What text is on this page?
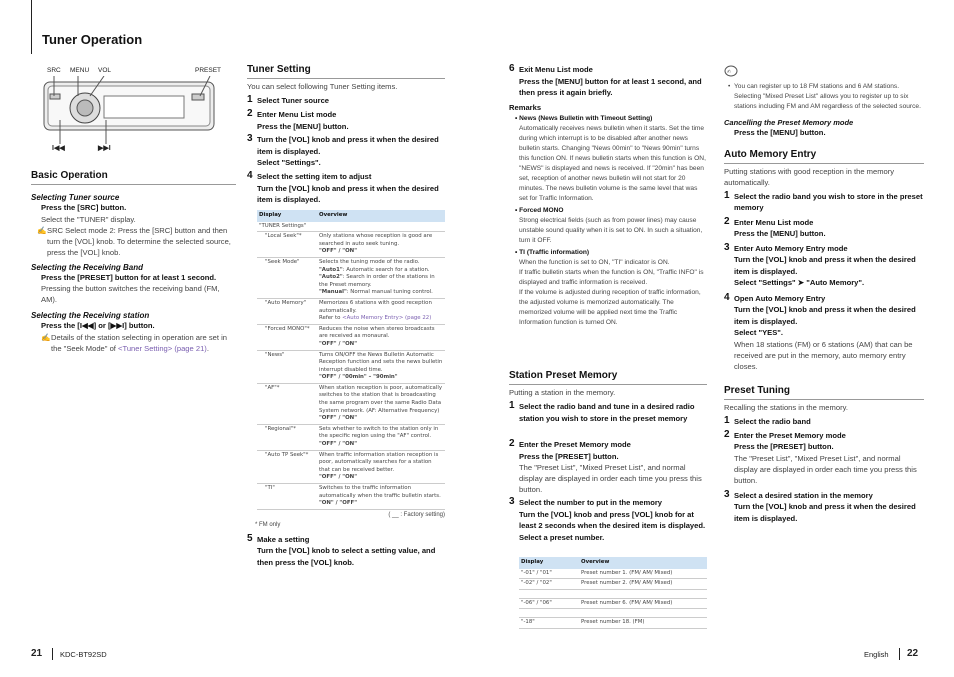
Tuner Operation
SRC MENU VOL	PRESET
I◀◀	▶▶I
Basic Operation
Selecting Tuner source
Press the [SRC] button.
Select the "TUNER" display.
✍ SRC Select mode 2: Press the [SRC] button and then turn the [VOL] knob. To determine the selected source, press the [VOL] knob.
Selecting the Receiving Band
Press the [PRESET] button for at least 1 second.
Pressing the button switches the receiving band (FM, AM).
Selecting the Receiving station
Press the [I◀◀] or [▶▶I] button.
✍ Details of the station selecting in operation are set in the "Seek Mode" of <Tuner Setting> (page 21).
Tuner Setting
You can select following Tuner Setting items.
1 Select Tuner source
2 Enter Menu List mode
Press the [MENU] button.
3 Turn the [VOL] knob and press it when the desired item is displayed.
Select "Settings".
4 Select the setting item to adjust
Turn the [VOL] knob and press it when the desired item is displayed.
Display	Overview
"TUNER Settings"	
"Local Seek"*	Only stations whose reception is good are searched in auto seek tuning.
"OFF" / "ON"
"Seek Mode"	Selects the tuning mode of the radio.
"Auto1": Automatic search for a station.
"Auto2": Search in order of the stations in the Preset memory.
"Manual": Normal manual tuning control.

"Auto Memory"	Memorizes 6 stations with good reception automatically.
Refer to <Auto Memory Entry> (page 22)
"Forced MONO"*	Reduces the noise when stereo broadcasts are received as monaural.
"OFF" / "ON"
"News"	Turns ON/OFF the News Bulletin Automatic Reception function and sets the news bulletin interrupt disabled time.
"OFF" / "00min" – "90min"
"AF"*	When station reception is poor, automatically switches to the station that is broadcasting the same program over the same Radio Data System network. (AF: Alternative Frequency)
"OFF" / "ON"
"Regional"*	Sets whether to switch to the station only in the specific region using the "AF" control.
"OFF" / "ON"
"Auto TP Seek"*	When traffic information station reception is poor, automatically searches for a station that can be received better.
"OFF" / "ON"
"TI"	Switches to the traffic information automatically when the traffic bulletin starts.
"ON" / "OFF"
( __ : Factory setting)
* FM only
5 Make a setting
Turn the [VOL] knob to select a setting value, and then press the [VOL] knob.
6 Exit Menu List mode
Press the [MENU] button for at least 1 second, and then press it again briefly.
Remarks
• News (News Bulletin with Timeout Setting)
Automatically receives news bulletin when it starts. Set the time during which interrupt is to be disabled after another news bulletin starts. Changing "News 00min" to "News 90min" turns this function ON. If news bulletin starts when this function is ON, "NEWS" is displayed and news is received. If "20min" has been set, reception of another news bulletin will not start for 20 minutes. The news bulletin volume is the same level that was set for Traffic Information.
• Forced MONO
Strong electrical fields (such as from power lines) may cause unstable sound quality when it is set to ON. In such a situation, turn it OFF.
• TI (Traffic information)
When the function is set to ON, "TI" indicator is ON.
If traffic bulletin starts when the function is ON, "Traffic INFO" is displayed and traffic information is received.
If the volume is adjusted during reception of traffic information, the adjusted volume is memorized automatically. The memorized volume will be applied next time the Traffic Information function is turned ON.
Station Preset Memory
Putting a station in the memory.
1 Select the radio band and tune in a desired radio station you wish to store in the preset memory
2 Enter the Preset Memory mode
Press the [PRESET] button.
The "Preset List", "Mixed Preset List", and normal display are displayed in order each time you press this button.
3 Select the number to put in the memory
Turn the [VOL] knob and press [VOL] knob for at least 2 seconds when the desired item is displayed.
Select a preset number.
Display	Overview
"-01" / "01"	Preset number 1. (FM/ AM/ Mixed)
"-02" / "02"	Preset number 2. (FM/ AM/ Mixed)

"-06" / "06"	Preset number 6. (FM/ AM/ Mixed)

"-18"	Preset number 18. (FM)
✍
• You can register up to 18 FM stations and 6 AM stations. Selecting "Mixed Preset List" allows you to register up to six stations including FM and AM regardless of the selected source.
Cancelling the Preset Memory mode
Press the [MENU] button.
Auto Memory Entry
Putting stations with good reception in the memory automatically.
1 Select the radio band you wish to store in the preset memory
2 Enter Menu List mode
Press the [MENU] button.
3 Enter Auto Memory Entry mode
Turn the [VOL] knob and press it when the desired item is displayed.
Select "Settings" ➤ "Auto Memory".
4 Open Auto Memory Entry
Turn the [VOL] knob and press it when the desired item is displayed.
Select "YES".
When 18 stations (FM) or 6 stations (AM) that can be received are put in the memory, auto memory entry closes.
Preset Tuning
Recalling the stations in the memory.
1 Select the radio band
2 Enter the Preset Memory mode
Press the [PRESET] button.
The "Preset List", "Mixed Preset List", and normal display are displayed in order each time you press this button.
3 Select a desired station in the memory
Turn the [VOL] knob and press it when the desired item is displayed.
21 KDC-BT92SD	English 22
